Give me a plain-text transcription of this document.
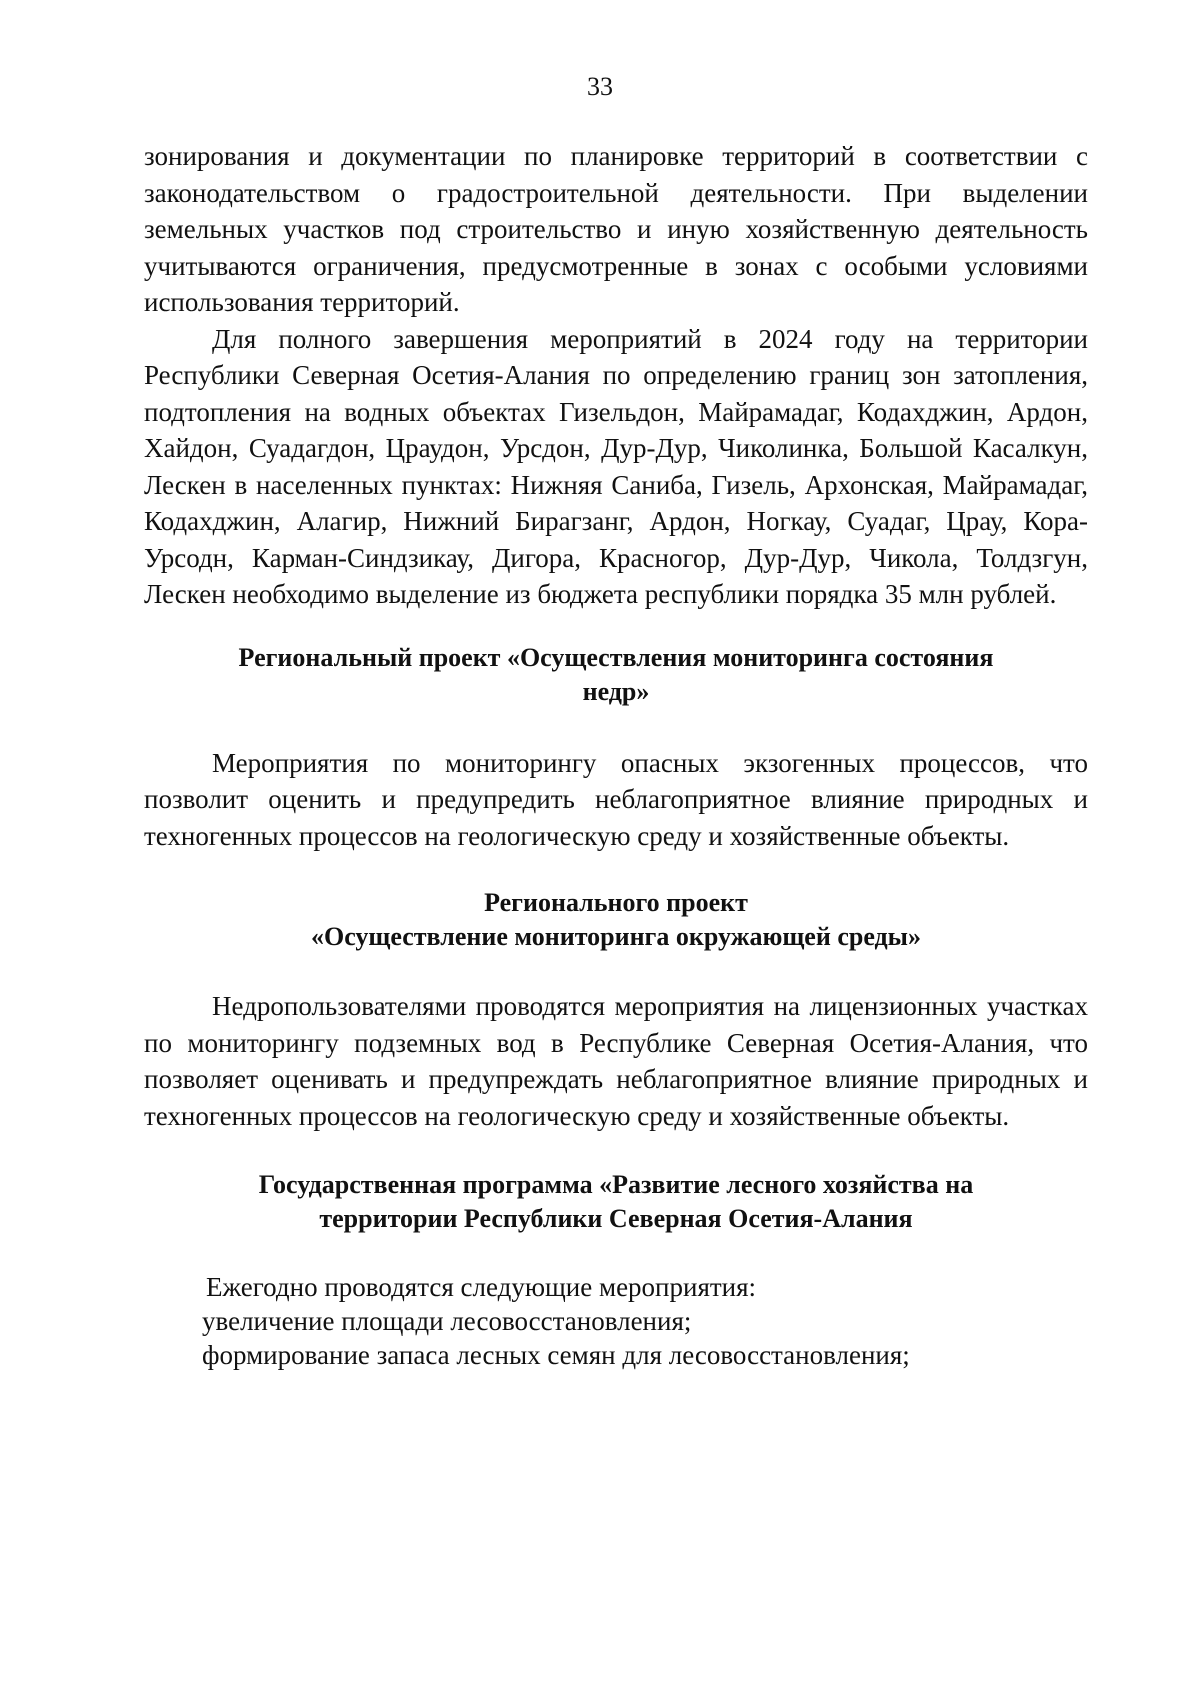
33

зонирования и документации по планировке территорий в соответствии с законодательством о градостроительной деятельности. При выделении земельных участков под строительство и иную хозяйственную деятельность учитываются ограничения, предусмотренные в зонах с особыми условиями использования территорий.

Для полного завершения мероприятий в 2024 году на территории Республики Северная Осетия-Алания по определению границ зон затопления, подтопления на водных объектах Гизельдон, Майрамадаг, Кодахджин, Ардон, Хайдон, Суадагдон, Цраудон, Урсдон, Дур-Дур, Чиколинка, Большой Касалкун, Лескен в населенных пунктах: Нижняя Саниба, Гизель, Архонская, Майрамадаг, Кодахджин, Алагир, Нижний Бирагзанг, Ардон, Ногкау, Суадаг, Црау, Кора-Урсодн, Карман-Синдзикау, Дигора, Красногор, Дур-Дур, Чикола, Толдзгун, Лескен необходимо выделение из бюджета республики порядка 35 млн рублей.

Региональный проект «Осуществления мониторинга состояния
недр»

Мероприятия по мониторингу опасных экзогенных процессов, что позволит оценить и предупредить неблагоприятное влияние природных и техногенных процессов на геологическую среду и хозяйственные объекты.

Регионального проект
«Осуществление мониторинга окружающей среды»

Недропользователями проводятся мероприятия на лицензионных участках по мониторингу подземных вод в Республике Северная Осетия-Алания, что позволяет оценивать и предупреждать неблагоприятное влияние природных и техногенных процессов на геологическую среду и хозяйственные объекты.

Государственная программа «Развитие лесного хозяйства на
территории Республики Северная Осетия-Алания

Ежегодно проводятся следующие мероприятия:

увеличение площади лесовосстановления;

формирование запаса лесных семян для лесовосстановления;
